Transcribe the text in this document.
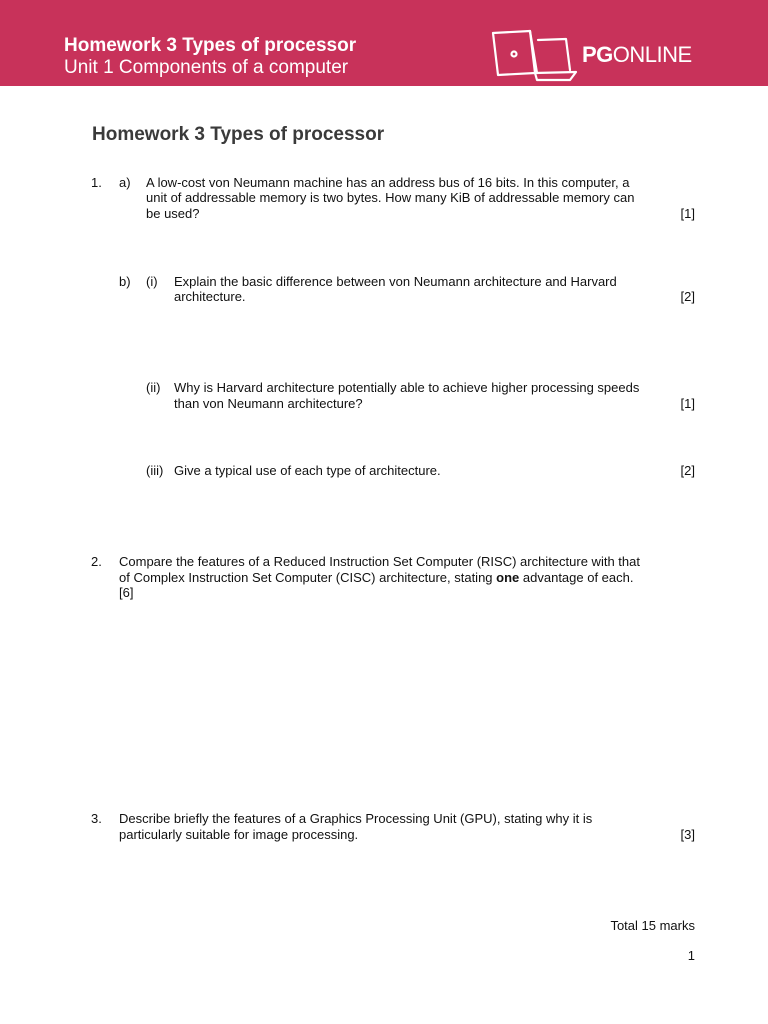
Homework 3 Types of processor

Unit 1 Components of a computer

PGONLINE
Homework 3 Types of processor

1. a) A low-cost von Neumann machine has an address bus of 16 bits. In this computer, a

unit of addressable memory is two bytes. How many KiB of addressable memory can

be used?	[1]

b) (i) Explain the basic difference between von Neumann architecture and Harvard

architecture.	[2]

(ii) Why is Harvard architecture potentially able to achieve higher processing speeds

than von Neumann architecture?	[1]

(iii) Give a typical use of each type of architecture.	[2]

2. Compare the features of a Reduced Instruction Set Computer (RISC) architecture with that

of Complex Instruction Set Computer (CISC) architecture, stating one advantage of each.

[6]

3. Describe briefly the features of a Graphics Processing Unit (GPU), stating why it is

particularly suitable for image processing.	[3]

Total 15 marks

1
